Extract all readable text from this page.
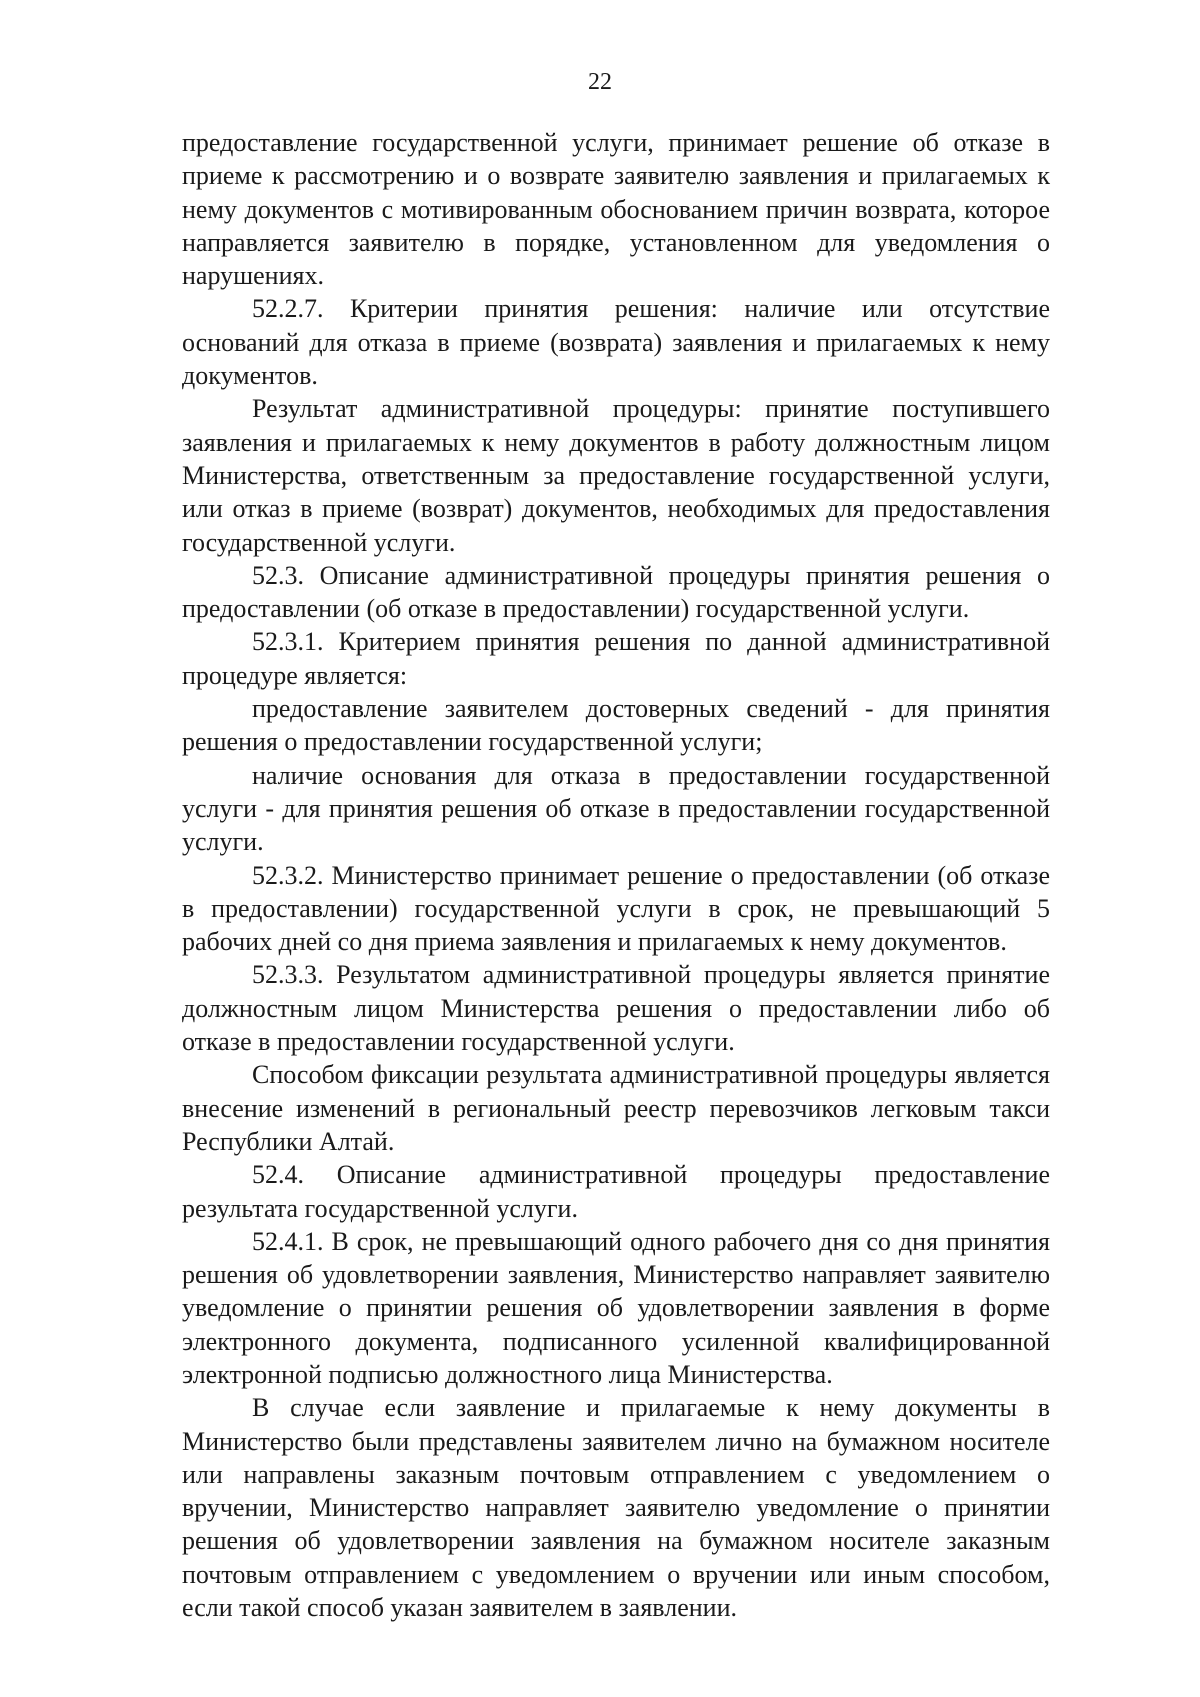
22

предоставление государственной услуги, принимает решение об отказе в приеме к рассмотрению и о возврате заявителю заявления и прилагаемых к нему документов с мотивированным обоснованием причин возврата, которое направляется заявителю в порядке, установленном для уведомления о нарушениях.

52.2.7. Критерии принятия решения: наличие или отсутствие оснований для отказа в приеме (возврата) заявления и прилагаемых к нему документов.

Результат административной процедуры: принятие поступившего заявления и прилагаемых к нему документов в работу должностным лицом Министерства, ответственным за предоставление государственной услуги, или отказ в приеме (возврат) документов, необходимых для предоставления государственной услуги.

52.3. Описание административной процедуры принятия решения о предоставлении (об отказе в предоставлении) государственной услуги.

52.3.1. Критерием принятия решения по данной административной процедуре является:

предоставление заявителем достоверных сведений - для принятия решения о предоставлении государственной услуги;

наличие основания для отказа в предоставлении государственной услуги - для принятия решения об отказе в предоставлении государственной услуги.

52.3.2. Министерство принимает решение о предоставлении (об отказе в предоставлении) государственной услуги в срок, не превышающий 5 рабочих дней со дня приема заявления и прилагаемых к нему документов.

52.3.3. Результатом административной процедуры является принятие должностным лицом Министерства решения о предоставлении либо об отказе в предоставлении государственной услуги.

Способом фиксации результата административной процедуры является внесение изменений в региональный реестр перевозчиков легковым такси Республики Алтай.

52.4. Описание административной процедуры предоставление результата государственной услуги.

52.4.1. В срок, не превышающий одного рабочего дня со дня принятия решения об удовлетворении заявления, Министерство направляет заявителю уведомление о принятии решения об удовлетворении заявления в форме электронного документа, подписанного усиленной квалифицированной электронной подписью должностного лица Министерства.

В случае если заявление и прилагаемые к нему документы в Министерство были представлены заявителем лично на бумажном носителе или направлены заказным почтовым отправлением с уведомлением о вручении, Министерство направляет заявителю уведомление о принятии решения об удовлетворении заявления на бумажном носителе заказным почтовым отправлением с уведомлением о вручении или иным способом, если такой способ указан заявителем в заявлении.
